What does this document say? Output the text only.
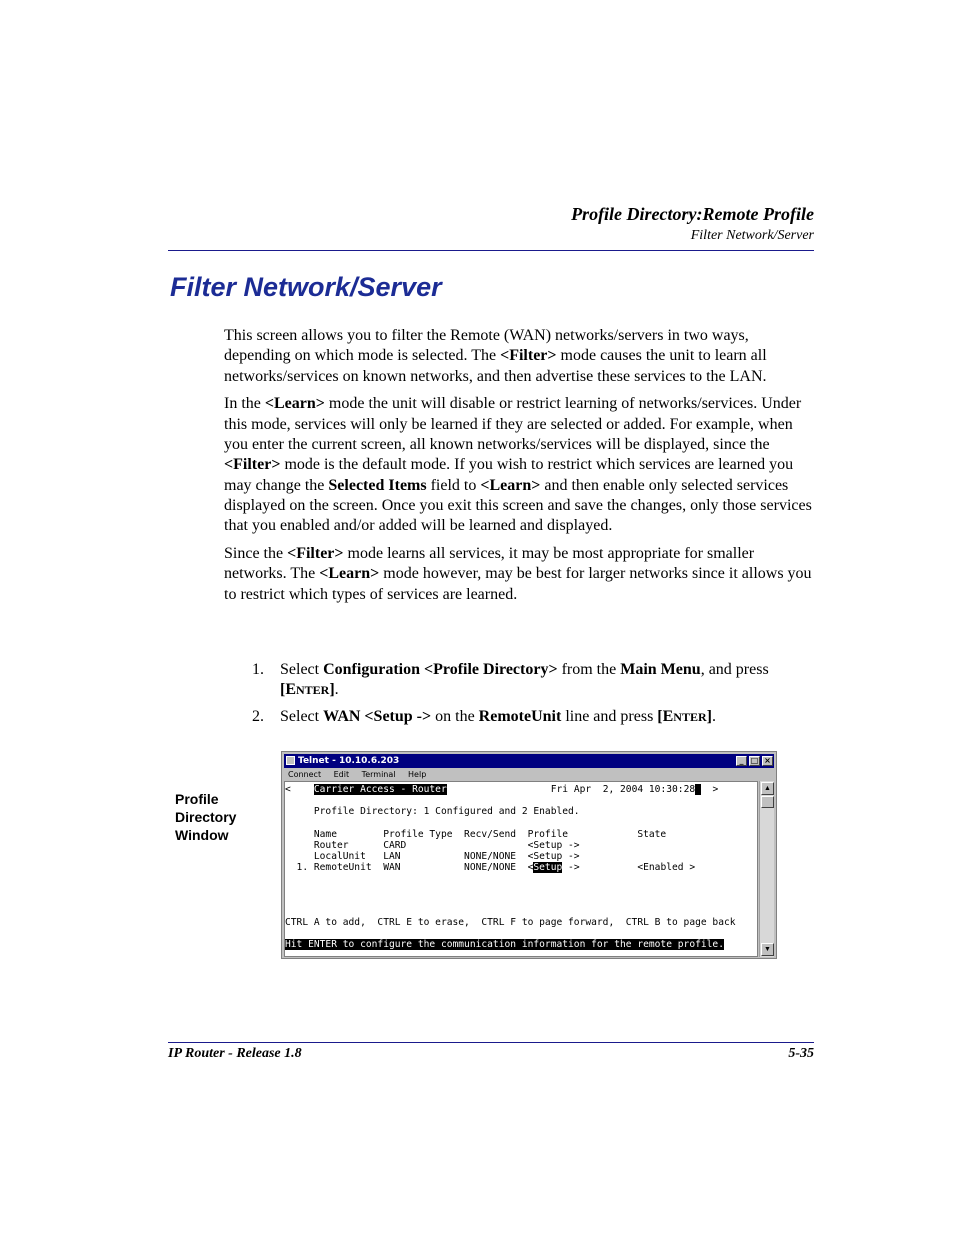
Profile Directory:Remote Profile
Filter Network/Server
Filter Network/Server

This screen allows you to filter the Remote (WAN) networks/servers in two ways, depending on which mode is selected. The <Filter> mode causes the unit to learn all networks/services on known networks, and then advertise these services to the LAN.

In the <Learn> mode the unit will disable or restrict learning of networks/services. Under this mode, services will only be learned if they are selected or added. For example, when you enter the current screen, all known networks/services will be displayed, since the <Filter> mode is the default mode. If you wish to restrict which services are learned you may change the Selected Items field to <Learn> and then enable only selected services displayed on the screen. Once you exit this screen and save the changes, only those services that you enabled and/or added will be learned and displayed.

Since the <Filter> mode learns all services, it may be most appropriate for smaller networks. The <Learn> mode however, may be best for larger networks since it allows you to restrict which types of services are learned.

1.	Select Configuration <Profile Directory> from the Main Menu, and press [ENTER].
2.	Select WAN <Setup -> on the RemoteUnit line and press [ENTER].
Profile
Directory
Window
Telnet - 10.10.6.203	_ □ ×
Connect Edit Terminal Help
<    Carrier Access - Router                  Fri Apr  2, 2004 10:30:28   >
Profile Directory: 1 Configured and 2 Enabled.
Name        Profile Type  Recv/Send  Profile            State
Router      CARD                     <Setup ->
LocalUnit   LAN           NONE/NONE  <Setup ->
1. RemoteUnit  WAN           NONE/NONE  <Setup ->          <Enabled >
CTRL A to add,  CTRL E to erase,  CTRL F to page forward,  CTRL B to page back
Hit ENTER to configure the communication information for the remote profile.
▲
▼
IP Router - Release 1.8	5-35
